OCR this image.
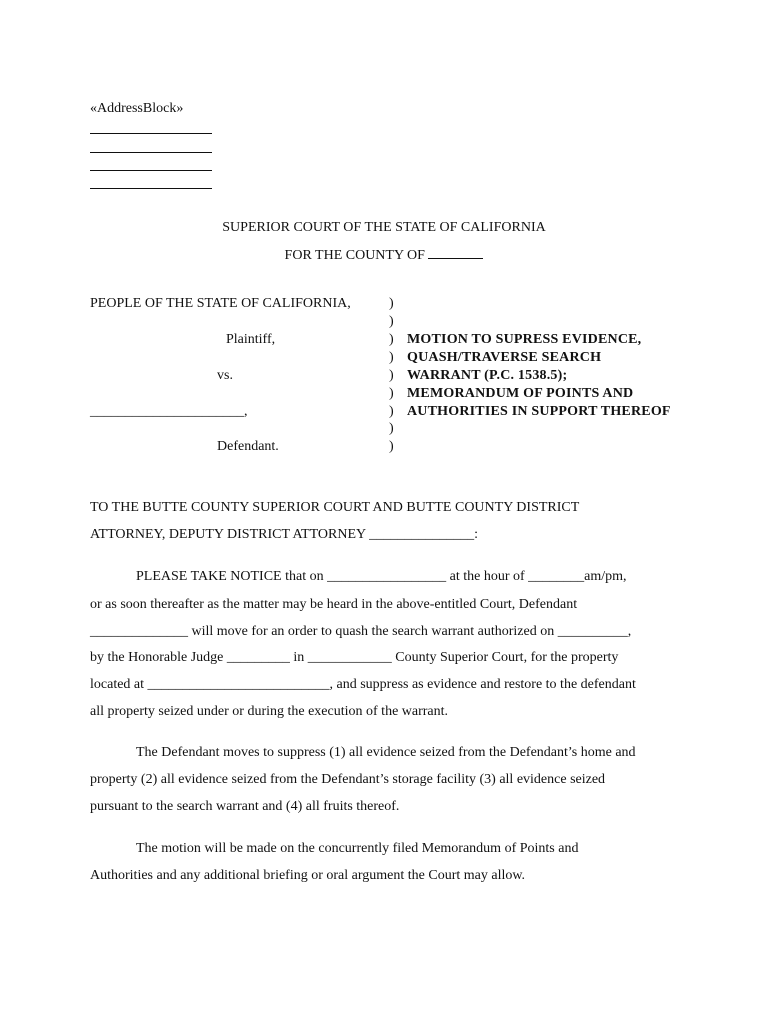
«AddressBlock»
SUPERIOR COURT OF THE STATE OF CALIFORNIA
FOR THE COUNTY OF
PEOPLE OF THE STATE OF CALIFORNIA,
Plaintiff,
vs.
______________________,
Defendant.
)
)
)
)
)
)
)
)
)
MOTION TO SUPRESS EVIDENCE,
QUASH/TRAVERSE SEARCH
WARRANT (P.C. 1538.5);
MEMORANDUM OF POINTS AND
AUTHORITIES IN SUPPORT THEREOF
TO THE BUTTE COUNTY SUPERIOR COURT AND BUTTE COUNTY DISTRICT
ATTORNEY, DEPUTY DISTRICT ATTORNEY _______________:
PLEASE TAKE NOTICE that on _________________ at the hour of ________am/pm,
or as soon thereafter as the matter may be heard in the above-entitled Court, Defendant
______________ will move for an order to quash the search warrant authorized on __________,
by the Honorable Judge _________ in ____________ County Superior Court, for the property
located at __________________________, and suppress as evidence and restore to the defendant
all property seized under or during the execution of the warrant.
The Defendant moves to suppress (1) all evidence seized from the Defendant’s home and
property (2) all evidence seized from the Defendant’s storage facility (3) all evidence seized
pursuant to the search warrant and (4) all fruits thereof.
The motion will be made on the concurrently filed Memorandum of Points and
Authorities and any additional briefing or oral argument the Court may allow.
